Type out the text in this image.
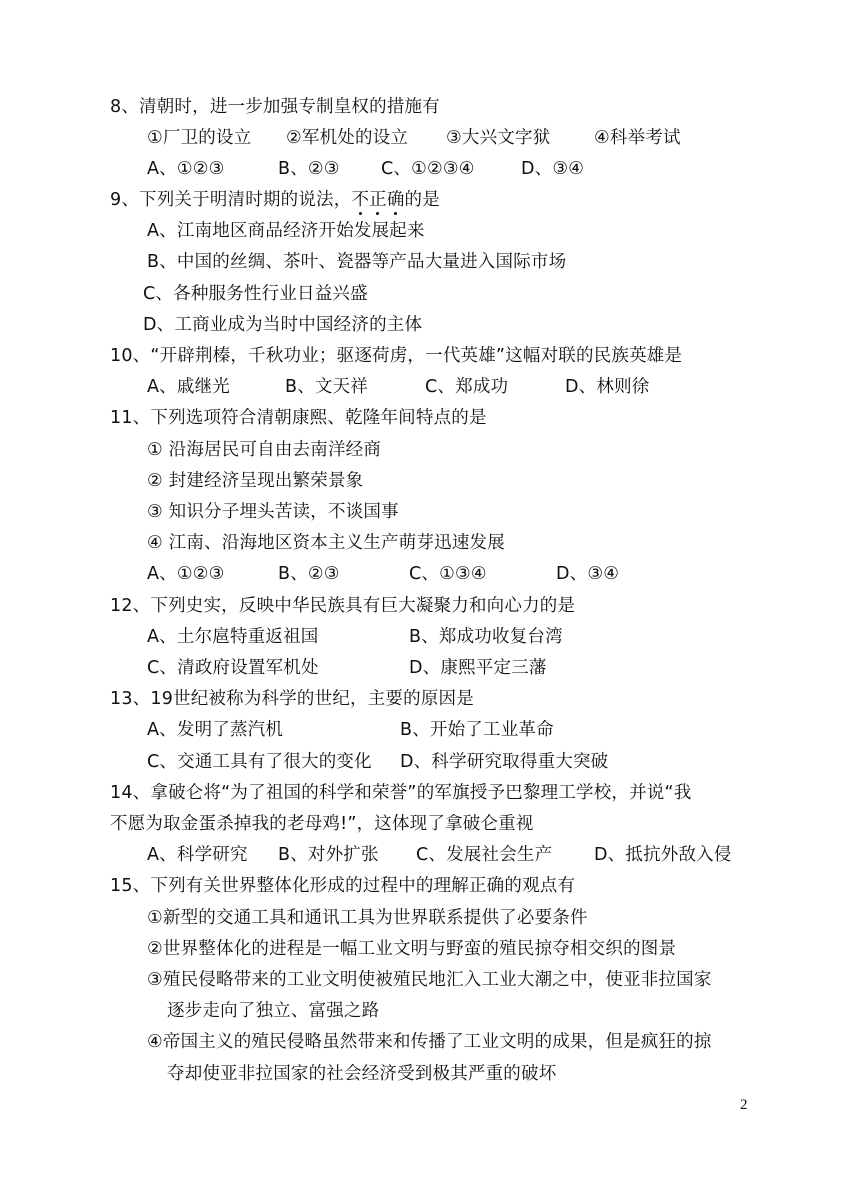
8、清朝时，进一步加强专制皇权的措施有
①厂卫的设立 ②军机处的设立 ③大兴文字狱 ④科举考试
A、①②③	B、②③ C、①②③④	D、③④
9、下列关于明清时期的说法，不正确的是
A、江南地区商品经济开始发展起来
B、中国的丝绸、茶叶、瓷器等产品大量进入国际市场
C、各种服务性行业日益兴盛
D、工商业成为当时中国经济的主体
10、“开辟荆榛，千秋功业；驱逐荷虏，一代英雄”这幅对联的民族英雄是
A、戚继光	B、文天祥	C、郑成功	D、林则徐
11、下列选项符合清朝康熙、乾隆年间特点的是
① 沿海居民可自由去南洋经商
② 封建经济呈现出繁荣景象
③ 知识分子埋头苦读，不谈国事
④ 江南、沿海地区资本主义生产萌芽迅速发展
A、①②③	B、②③	C、①③④	D、③④
12、下列史实，反映中华民族具有巨大凝聚力和向心力的是
A、土尔扈特重返祖国	B、郑成功收复台湾
C、清政府设置军机处	D、康熙平定三藩
13、19世纪被称为科学的世纪，主要的原因是
A、发明了蒸汽机	B、开始了工业革命
C、交通工具有了很大的变化 D、科学研究取得重大突破
14、拿破仑将“为了祖国的科学和荣誉”的军旗授予巴黎理工学校，并说“我
不愿为取金蛋杀掉我的老母鸡!”，这体现了拿破仑重视
A、科学研究 B、对外扩张 C、发展社会生产 D、抵抗外敌入侵
15、下列有关世界整体化形成的过程中的理解正确的观点有
①新型的交通工具和通讯工具为世界联系提供了必要条件
②世界整体化的进程是一幅工业文明与野蛮的殖民掠夺相交织的图景
③殖民侵略带来的工业文明使被殖民地汇入工业大潮之中，使亚非拉国家
逐步走向了独立、富强之路
④帝国主义的殖民侵略虽然带来和传播了工业文明的成果，但是疯狂的掠
夺却使亚非拉国家的社会经济受到极其严重的破坏
2
